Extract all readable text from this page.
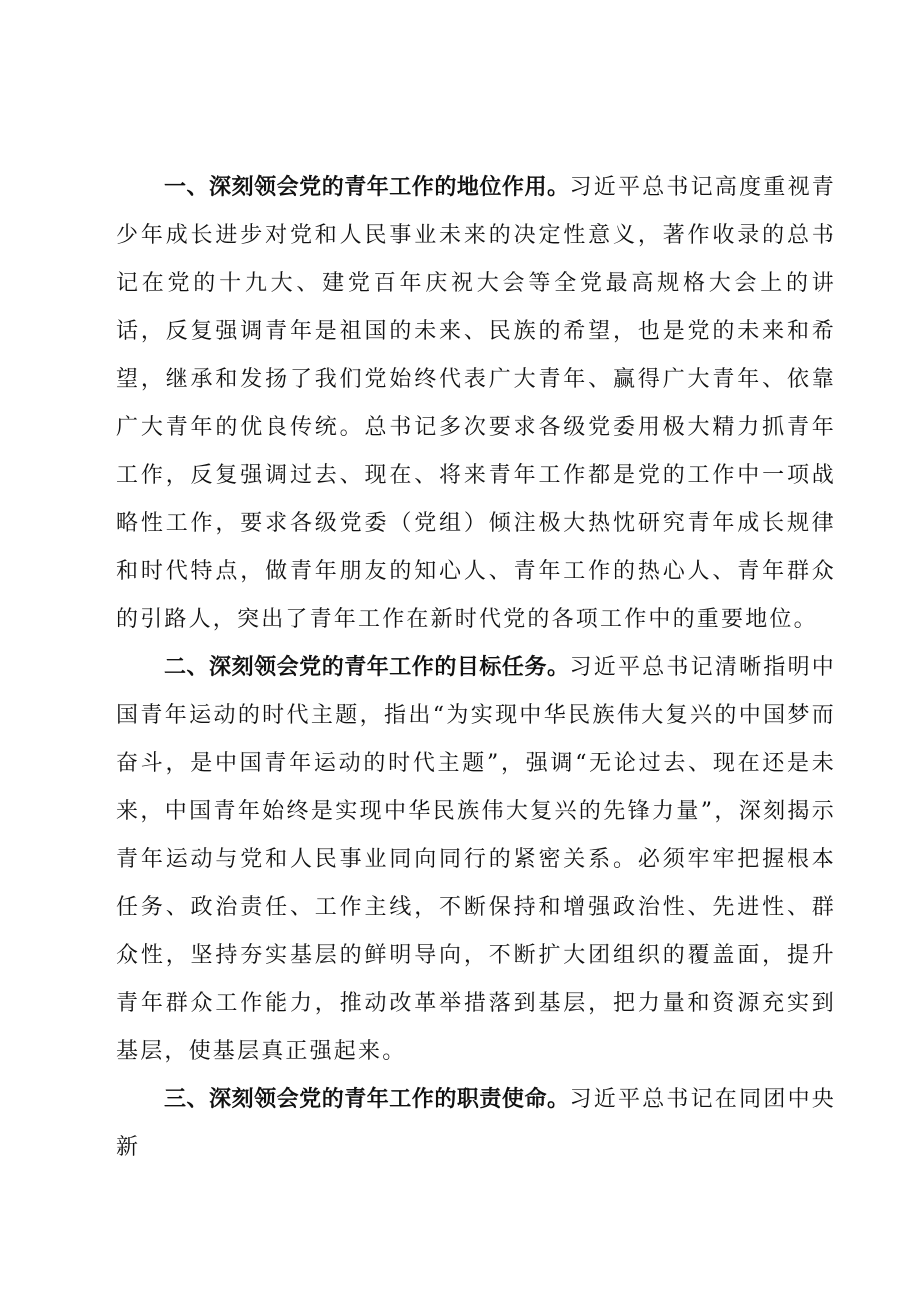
一、深刻领会党的青年工作的地位作用。习近平总书记高度重视青少年成长进步对党和人民事业未来的决定性意义，著作收录的总书记在党的十九大、建党百年庆祝大会等全党最高规格大会上的讲话，反复强调青年是祖国的未来、民族的希望，也是党的未来和希望，继承和发扬了我们党始终代表广大青年、赢得广大青年、依靠广大青年的优良传统。总书记多次要求各级党委用极大精力抓青年工作，反复强调过去、现在、将来青年工作都是党的工作中一项战略性工作，要求各级党委（党组）倾注极大热忱研究青年成长规律和时代特点，做青年朋友的知心人、青年工作的热心人、青年群众的引路人，突出了青年工作在新时代党的各项工作中的重要地位。

二、深刻领会党的青年工作的目标任务。习近平总书记清晰指明中国青年运动的时代主题，指出“为实现中华民族伟大复兴的中国梦而奋斗，是中国青年运动的时代主题”，强调“无论过去、现在还是未来，中国青年始终是实现中华民族伟大复兴的先锋力量”，深刻揭示青年运动与党和人民事业同向同行的紧密关系。必须牢牢把握根本任务、政治责任、工作主线，不断保持和增强政治性、先进性、群众性，坚持夯实基层的鲜明导向，不断扩大团组织的覆盖面，提升青年群众工作能力，推动改革举措落到基层，把力量和资源充实到基层，使基层真正强起来。

三、深刻领会党的青年工作的职责使命。习近平总书记在同团中央新
